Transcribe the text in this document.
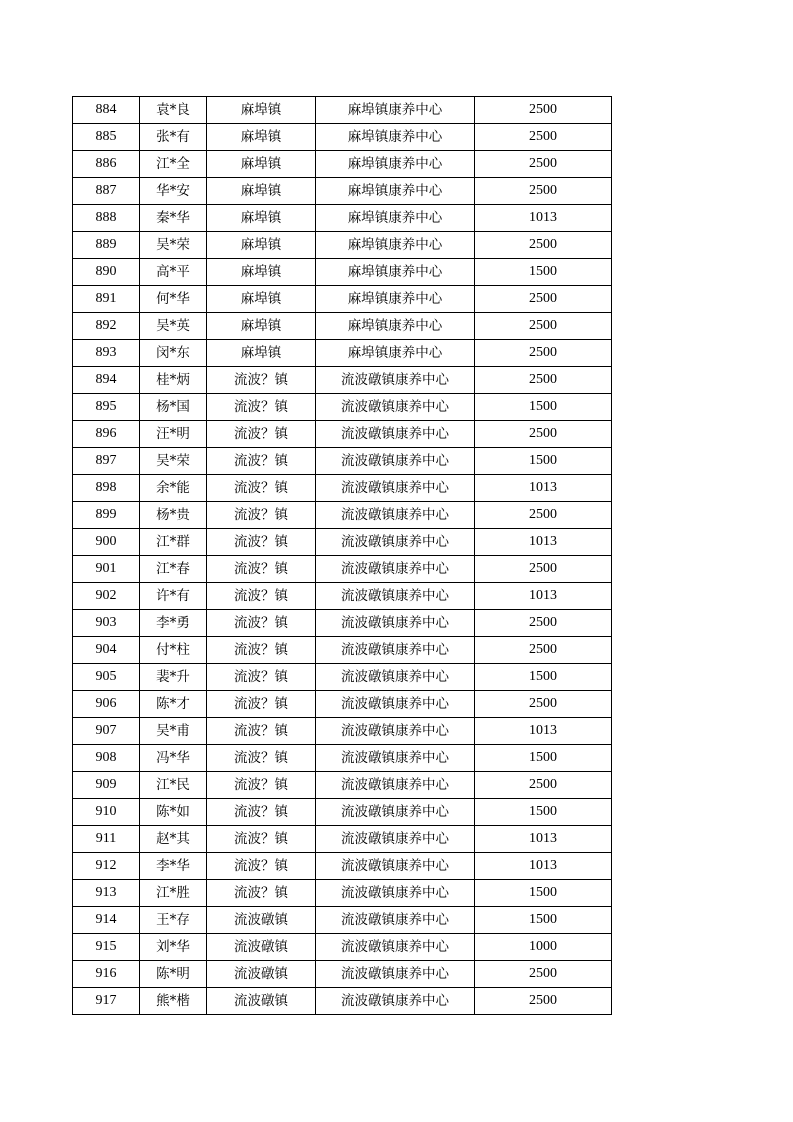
884	袁*良	麻埠镇	麻埠镇康养中心	2500
885	张*有	麻埠镇	麻埠镇康养中心	2500
886	江*全	麻埠镇	麻埠镇康养中心	2500
887	华*安	麻埠镇	麻埠镇康养中心	2500
888	秦*华	麻埠镇	麻埠镇康养中心	1013
889	吴*荣	麻埠镇	麻埠镇康养中心	2500
890	高*平	麻埠镇	麻埠镇康养中心	1500
891	何*华	麻埠镇	麻埠镇康养中心	2500
892	吴*英	麻埠镇	麻埠镇康养中心	2500
893	闵*东	麻埠镇	麻埠镇康养中心	2500
894	桂*炳	流波？镇	流波礅镇康养中心	2500
895	杨*国	流波？镇	流波礅镇康养中心	1500
896	汪*明	流波？镇	流波礅镇康养中心	2500
897	吴*荣	流波？镇	流波礅镇康养中心	1500
898	余*能	流波？镇	流波礅镇康养中心	1013
899	杨*贵	流波？镇	流波礅镇康养中心	2500
900	江*群	流波？镇	流波礅镇康养中心	1013
901	江*春	流波？镇	流波礅镇康养中心	2500
902	许*有	流波？镇	流波礅镇康养中心	1013
903	李*勇	流波？镇	流波礅镇康养中心	2500
904	付*柱	流波？镇	流波礅镇康养中心	2500
905	裴*升	流波？镇	流波礅镇康养中心	1500
906	陈*才	流波？镇	流波礅镇康养中心	2500
907	吴*甫	流波？镇	流波礅镇康养中心	1013
908	冯*华	流波？镇	流波礅镇康养中心	1500
909	江*民	流波？镇	流波礅镇康养中心	2500
910	陈*如	流波？镇	流波礅镇康养中心	1500
911	赵*其	流波？镇	流波礅镇康养中心	1013
912	李*华	流波？镇	流波礅镇康养中心	1013
913	江*胜	流波？镇	流波礅镇康养中心	1500
914	王*存	流波礅镇	流波礅镇康养中心	1500
915	刘*华	流波礅镇	流波礅镇康养中心	1000
916	陈*明	流波礅镇	流波礅镇康养中心	2500
917	熊*楷	流波礅镇	流波礅镇康养中心	2500
